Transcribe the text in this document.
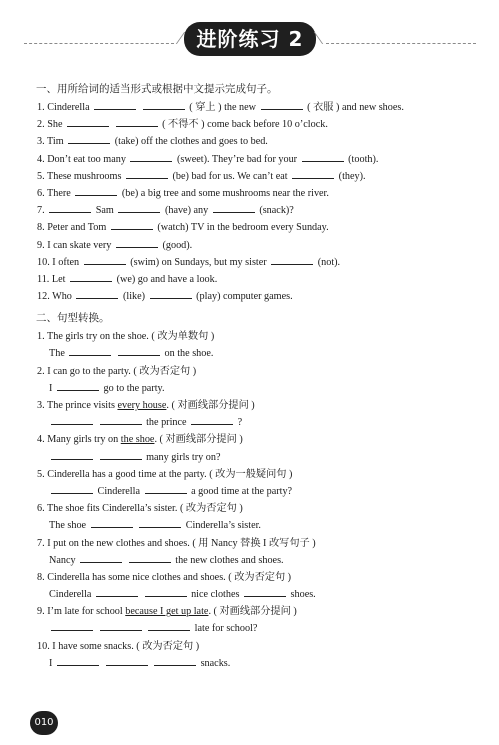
进阶练习 2
一、用所给词的适当形式或根据中文提示完成句子。
1. Cinderella	( 穿上 ) the new	( 衣服 ) and new shoes.
2. She	( 不得不 ) come back before 10 o’clock.
3. Tim	(take) off the clothes and goes to bed.
4. Don’t eat too many	(sweet). They’re bad for your	(tooth).
5. These mushrooms	(be) bad for us. We can’t eat	(they).
6. There	(be) a big tree and some mushrooms near the river.
7.	Sam	(have) any	(snack)?
8. Peter and Tom	(watch) TV in the bedroom every Sunday.
9. I can skate very	(good).
10. I often	(swim) on Sundays, but my sister	(not).
11. Let	(we) go and have a look.
12. Who	(like)	(play) computer games.
二、句型转换。
1. The girls try on the shoe. ( 改为单数句 )
The	on the shoe.
2. I can go to the party. ( 改为否定句 )
I	go to the party.
3. The prince visits every house. ( 对画线部分提问 )
the prince	?
4. Many girls try on the shoe. ( 对画线部分提问 )
many girls try on?
5. Cinderella has a good time at the party. ( 改为一般疑问句 )
Cinderella	a good time at the party?
6. The shoe fits Cinderella’s sister. ( 改为否定句 )
The shoe	Cinderella’s sister.
7. I put on the new clothes and shoes. ( 用 Nancy 替换 I 改写句子 )
Nancy	the new clothes and shoes.
8. Cinderella has some nice clothes and shoes. ( 改为否定句 )
Cinderella	nice clothes	shoes.
9. I’m late for school because I get up late. ( 对画线部分提问 )
late for school?
10. I have some snacks. ( 改为否定句 )
I	snacks.
010
